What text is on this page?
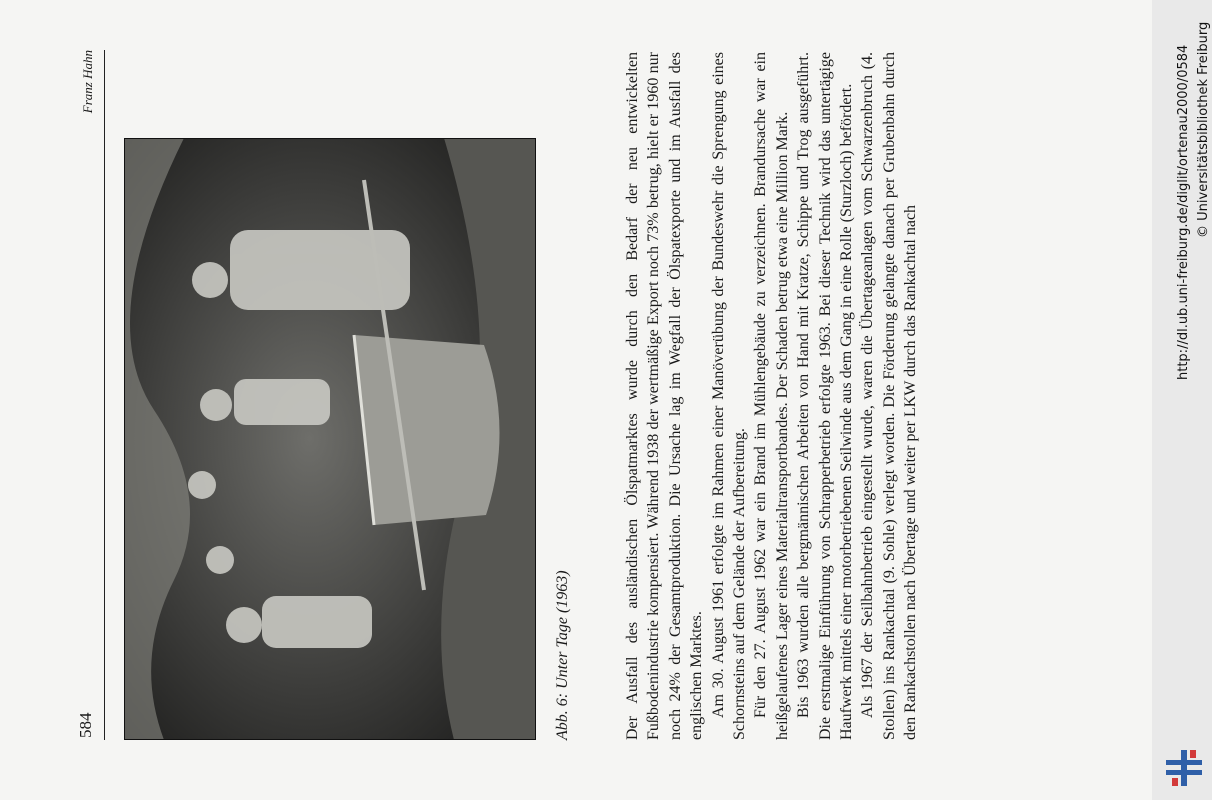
584
Franz Hahn
Abb. 6: Unter Tage (1963)	Der Ausfall des ausländischen Ölspatmarktes wurde durch den Bedarf der neu entwickelten Fußbodenindustrie kompensiert. Während 1938 der wertmäßige Export noch 73% betrug, hielt er 1960 nur noch 24% der Gesamtproduktion. Die Ursache lag im Wegfall der Ölspatexporte und im Ausfall des englischen Marktes. Am 30. August 1961 erfolgte im Rahmen einer Manöverübung der Bundeswehr die Sprengung eines Schornsteins auf dem Gelände der Aufbereitung. Für den 27. August 1962 war ein Brand im Mühlengebäude zu verzeichnen. Brandursache war ein heißgelaufenes Lager eines Materialtransportbandes. Der Schaden betrug etwa eine Million Mark. Bis 1963 wurden alle bergmännischen Arbeiten von Hand mit Kratze, Schippe und Trog ausgeführt. Die erstmalige Einführung von Schrapperbetrieb erfolgte 1963. Bei dieser Technik wird das untertägige Haufwerk mittels einer motorbetriebenen Seilwinde aus dem Gang in eine Rolle (Sturzloch) befördert. Als 1967 der Seilbahnbetrieb eingestellt wurde, waren die Übertageanlagen vom Schwarzenbruch (4. Stollen) ins Rankachtal (9. Sohle) verlegt worden. Die Förderung gelangte danach per Grubenbahn durch den Rankachstollen nach Übertage und weiter per LKW durch das Rankachtal nach	http://dl.ub.uni-freiburg.de/diglit/ortenau2000/0584 © Universitätsbibliothek Freiburg
